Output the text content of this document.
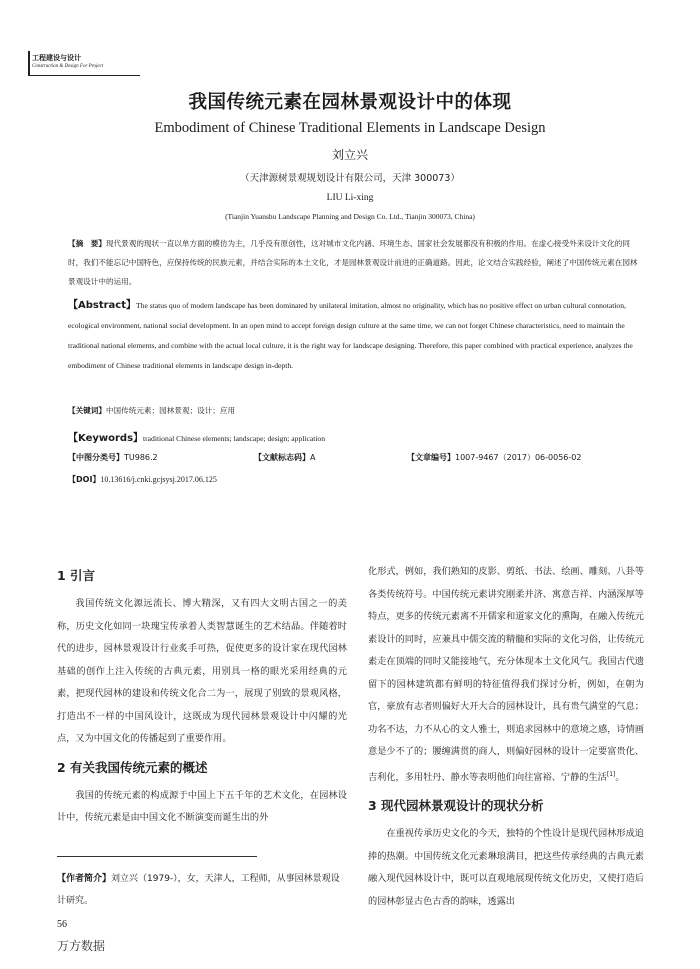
工程建设与设计
Construction & Design For Project
我国传统元素在园林景观设计中的体现
Embodiment of Chinese Traditional Elements in Landscape Design
刘立兴
（天津源树景观规划设计有限公司，天津 300073）
LIU Li-xing
(Tianjin Yuanshu Landscape Planning and Design Co. Ltd., Tianjin 300073, China)
【摘　要】现代景观的现状一直以单方面的模仿为主，几乎没有原创性，这对城市文化内涵、环境生态、国家社会发展都没有积极的作用。在虚心接受外来设计文化的同时，我们不能忘记中国特色，应保持传统的民族元素，并结合实际的本土文化，才是园林景观设计前进的正确道路。因此，论文结合实践经验，阐述了中国传统元素在园林景观设计中的运用。
【Abstract】The status quo of modern landscape has been dominated by unilateral imitation, almost no originality, which has no positive effect on urban cultural connotation, ecological environment, national social development. In an open mind to accept foreign design culture at the same time, we can not forget Chinese characteristics, need to maintain the traditional national elements, and combine with the actual local culture, it is the right way for landscape designing. Therefore, this paper combined with practical experience, analyzes the embodiment of Chinese traditional elements in landscape design in-depth.
【关键词】中国传统元素；园林景观；设计；应用
【Keywords】traditional Chinese elements; landscape; design; application
【中图分类号】TU986.2	【文献标志码】A	【文章编号】1007-9467（2017）06-0056-02
【DOI】10.13616/j.cnki.gcjsysj.2017.06.125
1 引言

我国传统文化源远流长、博大精深，又有四大文明古国之一的美称，历史文化如同一块瑰宝传承着人类智慧诞生的艺术结晶。伴随着时代的进步，园林景观设计行业炙手可热，促使更多的设计家在现代园林基础的创作上注入传统的古典元素，用别具一格的眼光采用经典的元素，把现代园林的建设和传统文化合二为一，展现了别致的景观风格，打造出不一样的中国风设计，这既成为现代园林景观设计中闪耀的光点，又为中国文化的传播起到了重要作用。

2 有关我国传统元素的概述

我国的传统元素的构成源于中国上下五千年的艺术文化，在园林设计中，传统元素是由中国文化不断演变而诞生出的外

化形式，例如，我们熟知的皮影、剪纸、书法、绘画、雕刻、八卦等各类传统符号。中国传统元素讲究刚柔并济、寓意吉祥、内涵深厚等特点，更多的传统元素离不开儒家和道家文化的熏陶，在融入传统元素设计的同时，应兼具中儒交流的精髓和实际的文化习俗，让传统元素走在顶端的同时又能接地气，充分体现本土文化风气。我国古代遗留下的园林建筑都有鲜明的特征值得我们探讨分析，例如，在朝为官，豪放有志者则偏好大开大合的园林设计，具有贵气满堂的气息；功名不达，力不从心的文人雅士，则追求园林中的意境之感，诗情画意是少不了的；腰缠满贯的商人，则偏好园林的设计一定要富贵化、吉利化，多用牡丹、静水等表明他们向往富裕、宁静的生活[1]。

3 现代园林景观设计的现状分析

在重视传承历史文化的今天，独特的个性设计是现代园林形成追捧的热潮。中国传统文化元素琳琅满目，把这些传承经典的古典元素融入现代园林设计中，既可以直观地展现传统文化历史，又使打造后的园林彰显古色古香的韵味，透露出

【作者简介】刘立兴（1979-），女，天津人，工程师，从事园林景观设计研究。
56
万方数据
